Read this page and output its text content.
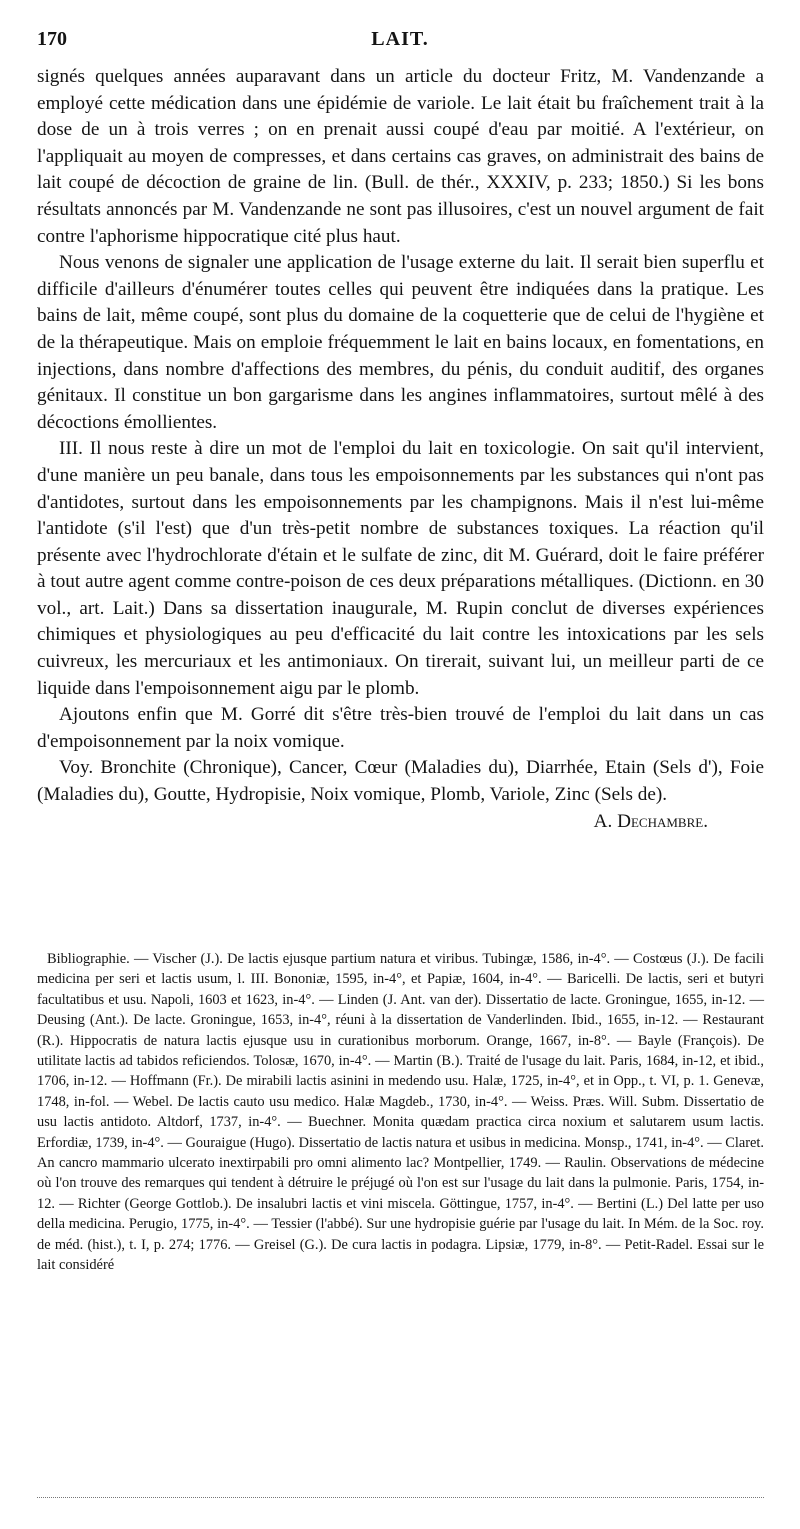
170	LAIT.

signés quelques années auparavant dans un article du docteur Fritz, M. Vandenzande a employé cette médication dans une épidémie de variole. Le lait était bu fraîchement trait à la dose de un à trois verres ; on en prenait aussi coupé d'eau par moitié. A l'extérieur, on l'appliquait au moyen de compresses, et dans certains cas graves, on administrait des bains de lait coupé de décoction de graine de lin. (Bull. de thér., XXXIV, p. 233; 1850.) Si les bons résultats annoncés par M. Vandenzande ne sont pas illusoires, c'est un nouvel argument de fait contre l'aphorisme hippocratique cité plus haut.

Nous venons de signaler une application de l'usage externe du lait. Il serait bien superflu et difficile d'ailleurs d'énumérer toutes celles qui peuvent être indiquées dans la pratique. Les bains de lait, même coupé, sont plus du domaine de la coquetterie que de celui de l'hygiène et de la thérapeutique. Mais on emploie fréquemment le lait en bains locaux, en fomentations, en injections, dans nombre d'affections des membres, du pénis, du conduit auditif, des organes génitaux. Il constitue un bon gargarisme dans les angines inflammatoires, surtout mêlé à des décoctions émollientes.

III. Il nous reste à dire un mot de l'emploi du lait en toxicologie. On sait qu'il intervient, d'une manière un peu banale, dans tous les empoisonnements par les substances qui n'ont pas d'antidotes, surtout dans les empoisonnements par les champignons. Mais il n'est lui-même l'antidote (s'il l'est) que d'un très-petit nombre de substances toxiques. La réaction qu'il présente avec l'hydrochlorate d'étain et le sulfate de zinc, dit M. Guérard, doit le faire préférer à tout autre agent comme contre-poison de ces deux préparations métalliques. (Dictionn. en 30 vol., art. Lait.) Dans sa dissertation inaugurale, M. Rupin conclut de diverses expériences chimiques et physiologiques au peu d'efficacité du lait contre les intoxications par les sels cuivreux, les mercuriaux et les antimoniaux. On tirerait, suivant lui, un meilleur parti de ce liquide dans l'empoisonnement aigu par le plomb.

Ajoutons enfin que M. Gorré dit s'être très-bien trouvé de l'emploi du lait dans un cas d'empoisonnement par la noix vomique.

Voy. Bronchite (Chronique), Cancer, Cœur (Maladies du), Diarrhée, Etain (Sels d'), Foie (Maladies du), Goutte, Hydropisie, Noix vomique, Plomb, Variole, Zinc (Sels de).

A. Dechambre.

Bibliographie. — Vischer (J.). De lactis ejusque partium natura et viribus. Tubingæ, 1586, in-4°. — Costœus (J.). De facili medicina per seri et lactis usum, l. III. Bononiæ, 1595, in-4°, et Papiæ, 1604, in-4°. — Baricelli. De lactis, seri et butyri facultatibus et usu. Napoli, 1603 et 1623, in-4°. — Linden (J. Ant. van der). Dissertatio de lacte. Groningue, 1655, in-12. — Deusing (Ant.). De lacte. Groningue, 1653, in-4°, réuni à la dissertation de Vanderlinden. Ibid., 1655, in-12. — Restaurant (R.). Hippocratis de natura lactis ejusque usu in curationibus morborum. Orange, 1667, in-8°. — Bayle (François). De utilitate lactis ad tabidos reficiendos. Tolosæ, 1670, in-4°. — Martin (B.). Traité de l'usage du lait. Paris, 1684, in-12, et ibid., 1706, in-12. — Hoffmann (Fr.). De mirabili lactis asinini in medendo usu. Halæ, 1725, in-4°, et in Opp., t. VI, p. 1. Genevæ, 1748, in-fol. — Webel. De lactis cauto usu medico. Halæ Magdeb., 1730, in-4°. — Weiss. Præs. Will. Subm. Dissertatio de usu lactis antidoto. Altdorf, 1737, in-4°. — Buechner. Monita quædam practica circa noxium et salutarem usum lactis. Erfordiæ, 1739, in-4°. — Gouraigue (Hugo). Dissertatio de lactis natura et usibus in medicina. Monsp., 1741, in-4°. — Claret. An cancro mammario ulcerato inextirpabili pro omni alimento lac? Montpellier, 1749. — Raulin. Observations de médecine où l'on trouve des remarques qui tendent à détruire le préjugé où l'on est sur l'usage du lait dans la pulmonie. Paris, 1754, in-12. — Richter (George Gottlob.). De insalubri lactis et vini miscela. Göttingue, 1757, in-4°. — Bertini (L.) Del latte per uso della medicina. Perugio, 1775, in-4°. — Tessier (l'abbé). Sur une hydropisie guérie par l'usage du lait. In Mém. de la Soc. roy. de méd. (hist.), t. I, p. 274; 1776. — Greisel (G.). De cura lactis in podagra. Lipsiæ, 1779, in-8°. — Petit-Radel. Essai sur le lait considéré
